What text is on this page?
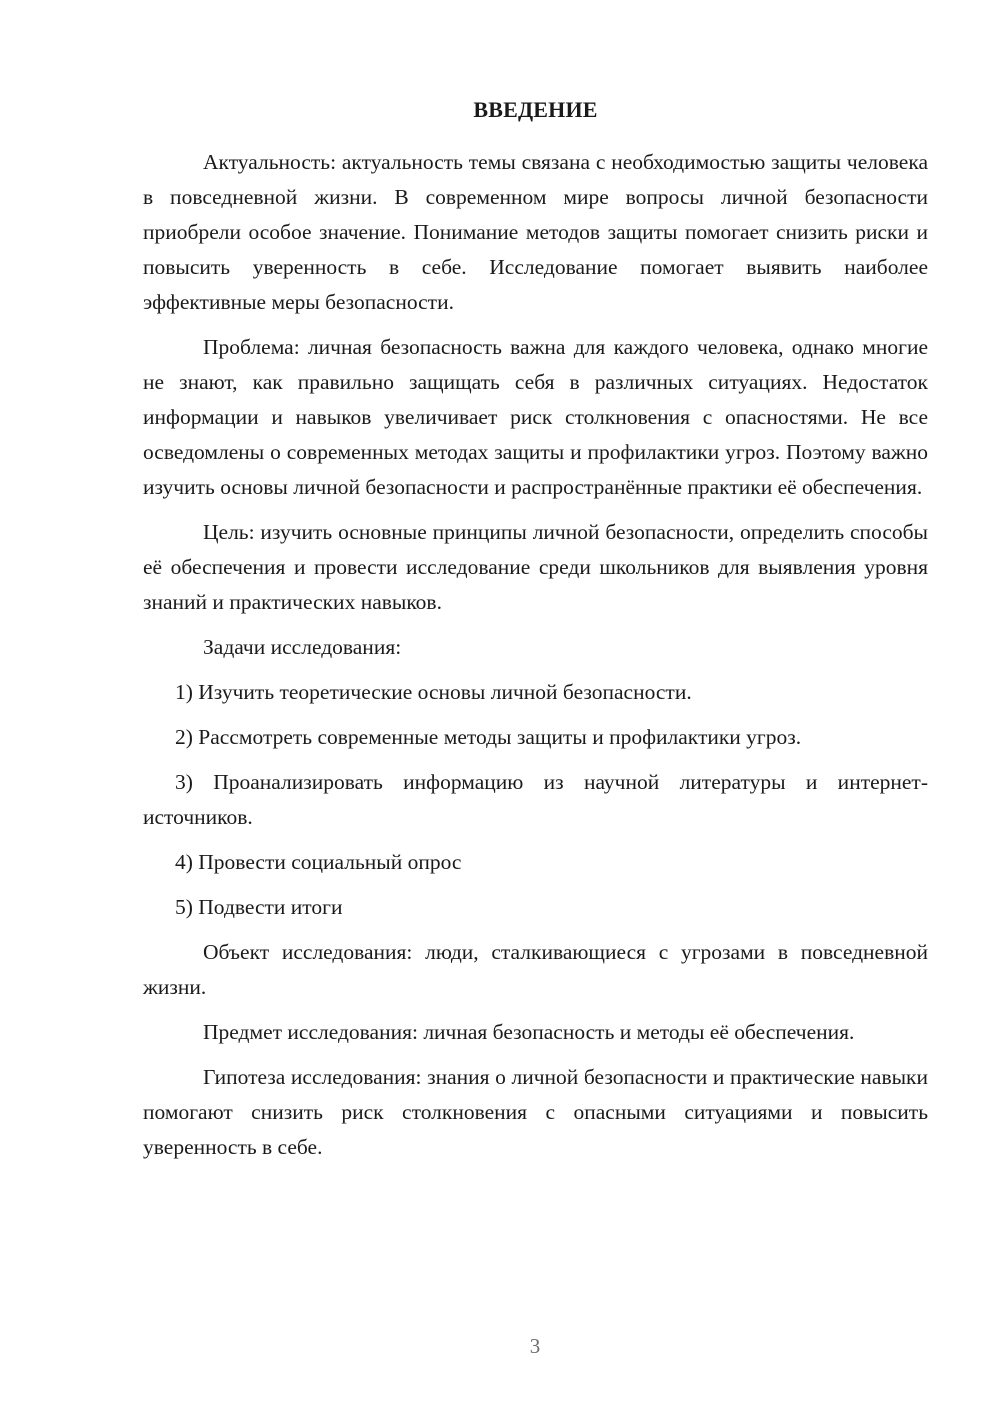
ВВЕДЕНИЕ

Актуальность: актуальность темы связана с необходимостью защиты человека в повседневной жизни. В современном мире вопросы личной безопасности приобрели особое значение. Понимание методов защиты помогает снизить риски и повысить уверенность в себе. Исследование помогает выявить наиболее эффективные меры безопасности.

Проблема: личная безопасность важна для каждого человека, однако многие не знают, как правильно защищать себя в различных ситуациях. Недостаток информации и навыков увеличивает риск столкновения с опасностями. Не все осведомлены о современных методах защиты и профилактики угроз. Поэтому важно изучить основы личной безопасности и распространённые практики её обеспечения.

Цель: изучить основные принципы личной безопасности, определить способы её обеспечения и провести исследование среди школьников для выявления уровня знаний и практических навыков.

Задачи исследования:

1) Изучить теоретические основы личной безопасности.

2) Рассмотреть современные методы защиты и профилактики угроз.

3) Проанализировать информацию из научной литературы и интернет-источников.

4) Провести социальный опрос

5) Подвести итоги

Объект исследования: люди, сталкивающиеся с угрозами в повседневной жизни.

Предмет исследования: личная безопасность и методы её обеспечения.

Гипотеза исследования: знания о личной безопасности и практические навыки помогают снизить риск столкновения с опасными ситуациями и повысить уверенность в себе.

3
